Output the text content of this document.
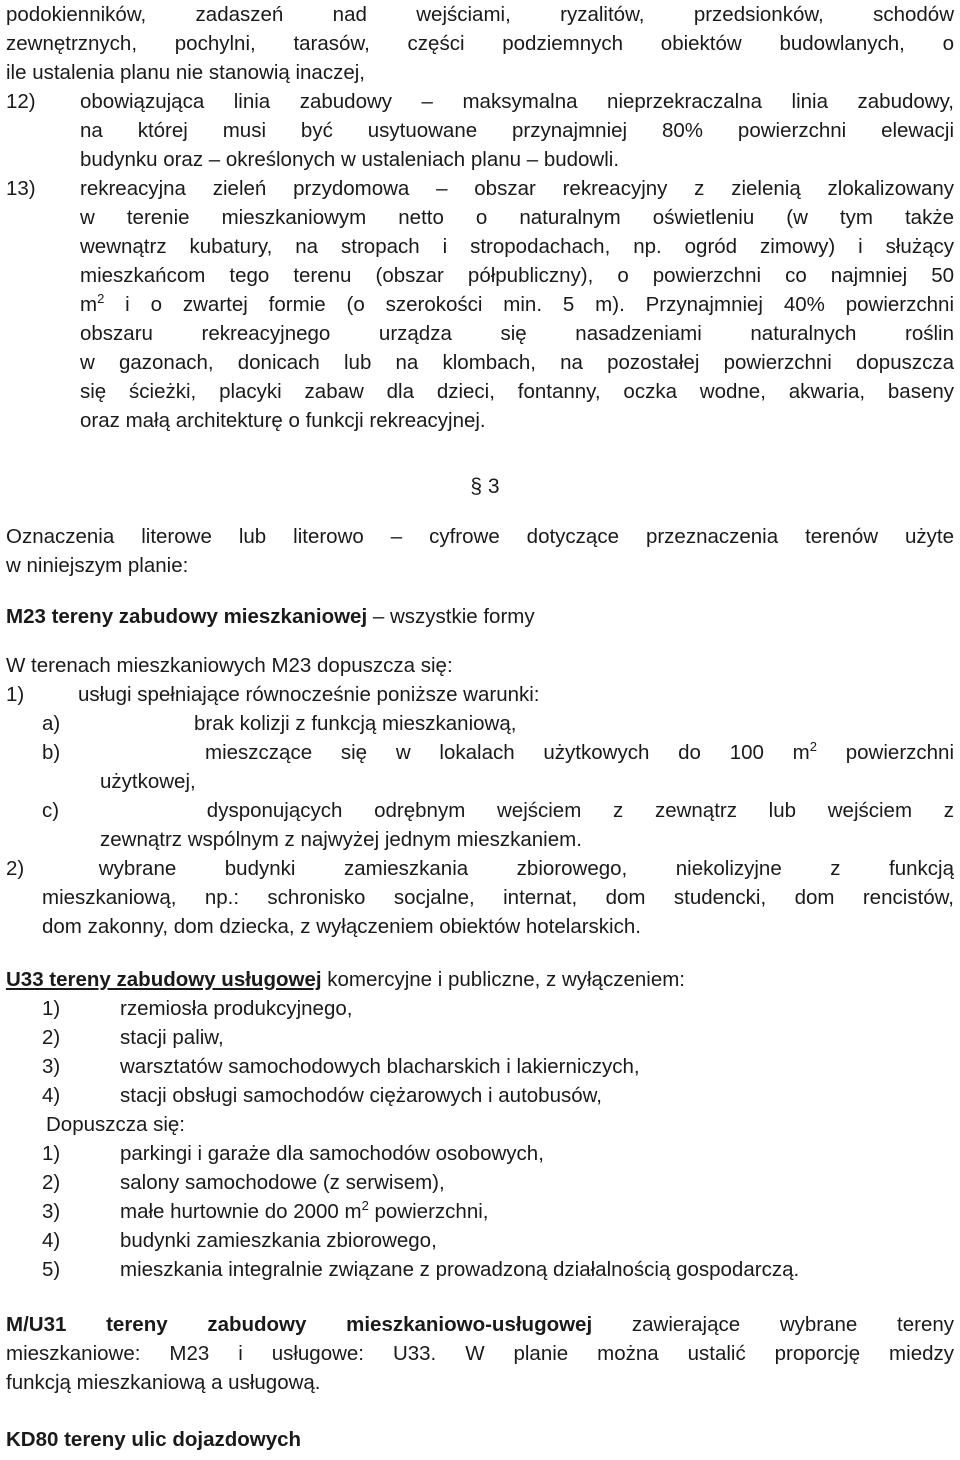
podokienników, zadaszeń nad wejściami, ryzalitów, przedsionków, schodów
zewnętrznych, pochylni, tarasów, części podziemnych obiektów budowlanych, o
ile ustalenia planu nie stanowią inaczej,
12)	obowiązująca linia zabudowy – maksymalna nieprzekraczalna linia zabudowy,
na której musi być usytuowane przynajmniej 80% powierzchni elewacji
budynku oraz – określonych w ustaleniach planu – budowli.
13)	rekreacyjna zieleń przydomowa – obszar rekreacyjny z zielenią zlokalizowany
w terenie mieszkaniowym netto o naturalnym oświetleniu (w tym także
wewnątrz kubatury, na stropach i stropodachach, np. ogród zimowy) i służący
mieszkańcom tego terenu (obszar półpubliczny), o powierzchni co najmniej 50
$m^2$ i o zwartej formie (o szerokości min. 5 m). Przynajmniej 40% powierzchni
obszaru rekreacyjnego urządza się nasadzeniami naturalnych roślin
w gazonach, donicach lub na klombach, na pozostałej powierzchni dopuszcza
się ścieżki, placyki zabaw dla dzieci, fontanny, oczka wodne, akwaria, baseny
oraz małą architekturę o funkcji rekreacyjnej.
§ 3
Oznaczenia literowe lub literowo – cyfrowe dotyczące przeznaczenia terenów użyte
w niniejszym planie:
M23 tereny zabudowy mieszkaniowej – wszystkie formy
W terenach mieszkaniowych M23 dopuszcza się:
1)	usługi spełniające równocześnie poniższe warunki:
a)	brak kolizji z funkcją mieszkaniową,
b)	mieszczące się w lokalach użytkowych do 100 $m^2$ powierzchni
użytkowej,
c)	dysponujących odrębnym wejściem z zewnątrz lub wejściem z
zewnątrz wspólnym z najwyżej jednym mieszkaniem.
2)	wybrane budynki zamieszkania zbiorowego, niekolizyjne z funkcją
mieszkaniową, np.: schronisko socjalne, internat, dom studencki, dom rencistów,
dom zakonny, dom dziecka, z wyłączeniem obiektów hotelarskich.
U33 tereny zabudowy usługowej komercyjne i publiczne, z wyłączeniem:
1)	rzemiosła produkcyjnego,
2)	stacji paliw,
3)	warsztatów samochodowych blacharskich i lakierniczych,
4)	stacji obsługi samochodów ciężarowych i autobusów,
Dopuszcza się:
1)	parkingi i garaże dla samochodów osobowych,
2)	salony samochodowe (z serwisem),
3)	małe hurtownie do 2000 $m^2$ powierzchni,
4)	budynki zamieszkania zbiorowego,
5)	mieszkania integralnie związane z prowadzoną działalnością gospodarczą.
M/U31 tereny zabudowy mieszkaniowo-usługowej zawierające wybrane tereny
mieszkaniowe: M23 i usługowe: U33. W planie można ustalić proporcję miedzy
funkcją mieszkaniową a usługową.
KD80 tereny ulic dojazdowych
